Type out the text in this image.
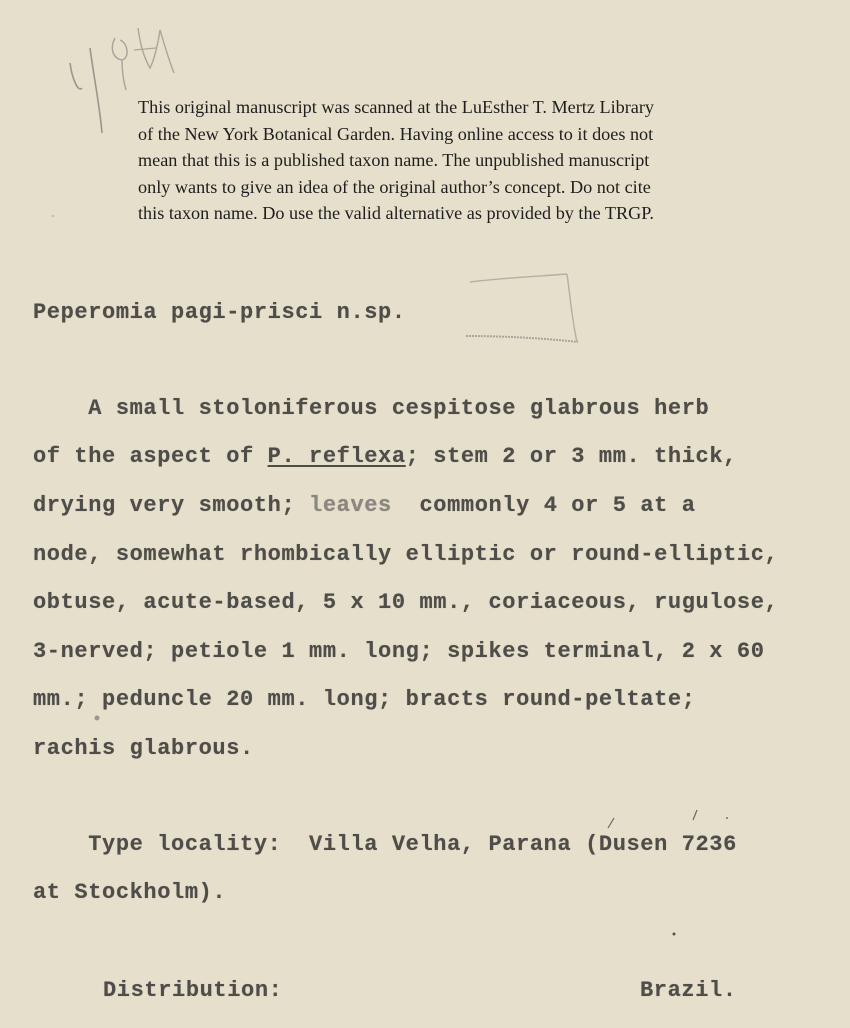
This original manuscript was scanned at the LuEsther T. Mertz Library
of the New York Botanical Garden. Having online access to it does not
mean that this is a published taxon name. The unpublished manuscript
only wants to give an idea of the original author’s concept. Do not cite
this taxon name. Do use the valid alternative as provided by the TRGP.
Peperomia pagi-prisci n.sp.
A small stoloniferous cespitose glabrous herb
of the aspect of P. reflexa; stem 2 or 3 mm. thick,
drying very smooth; leaves  commonly 4 or 5 at a
node, somewhat rhombically elliptic or round-elliptic,
obtuse, acute-based, 5 x 10 mm., coriaceous, rugulose,
3-nerved; petiole 1 mm. long; spikes terminal, 2 x 60
mm.; peduncle 20 mm. long; bracts round-peltate;
rachis glabrous.
Type locality:  Villa Velha, Parana (Dusen 7236
at Stockholm).
Distribution:	Brazil.
